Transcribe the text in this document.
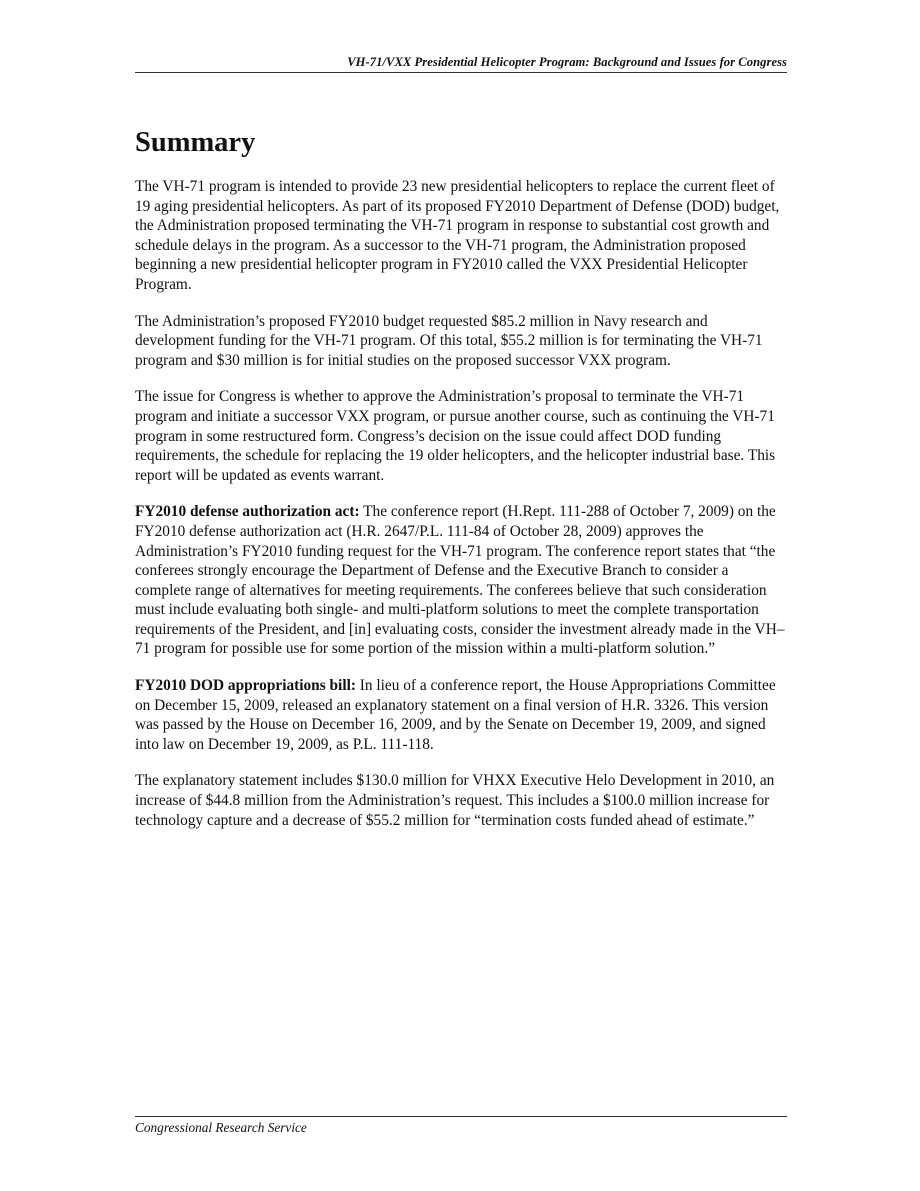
VH-71/VXX Presidential Helicopter Program: Background and Issues for Congress
Summary

The VH-71 program is intended to provide 23 new presidential helicopters to replace the current fleet of 19 aging presidential helicopters. As part of its proposed FY2010 Department of Defense (DOD) budget, the Administration proposed terminating the VH-71 program in response to substantial cost growth and schedule delays in the program. As a successor to the VH-71 program, the Administration proposed beginning a new presidential helicopter program in FY2010 called the VXX Presidential Helicopter Program.

The Administration’s proposed FY2010 budget requested $85.2 million in Navy research and development funding for the VH-71 program. Of this total, $55.2 million is for terminating the VH-71 program and $30 million is for initial studies on the proposed successor VXX program.

The issue for Congress is whether to approve the Administration’s proposal to terminate the VH-71 program and initiate a successor VXX program, or pursue another course, such as continuing the VH-71 program in some restructured form. Congress’s decision on the issue could affect DOD funding requirements, the schedule for replacing the 19 older helicopters, and the helicopter industrial base. This report will be updated as events warrant.

FY2010 defense authorization act: The conference report (H.Rept. 111-288 of October 7, 2009) on the FY2010 defense authorization act (H.R. 2647/P.L. 111-84 of October 28, 2009) approves the Administration’s FY2010 funding request for the VH-71 program. The conference report states that “the conferees strongly encourage the Department of Defense and the Executive Branch to consider a complete range of alternatives for meeting requirements. The conferees believe that such consideration must include evaluating both single- and multi-platform solutions to meet the complete transportation requirements of the President, and [in] evaluating costs, consider the investment already made in the VH–71 program for possible use for some portion of the mission within a multi-platform solution.”

FY2010 DOD appropriations bill: In lieu of a conference report, the House Appropriations Committee on December 15, 2009, released an explanatory statement on a final version of H.R. 3326. This version was passed by the House on December 16, 2009, and by the Senate on December 19, 2009, and signed into law on December 19, 2009, as P.L. 111-118.

The explanatory statement includes $130.0 million for VHXX Executive Helo Development in 2010, an increase of $44.8 million from the Administration’s request. This includes a $100.0 million increase for technology capture and a decrease of $55.2 million for “termination costs funded ahead of estimate.”

Congressional Research Service
